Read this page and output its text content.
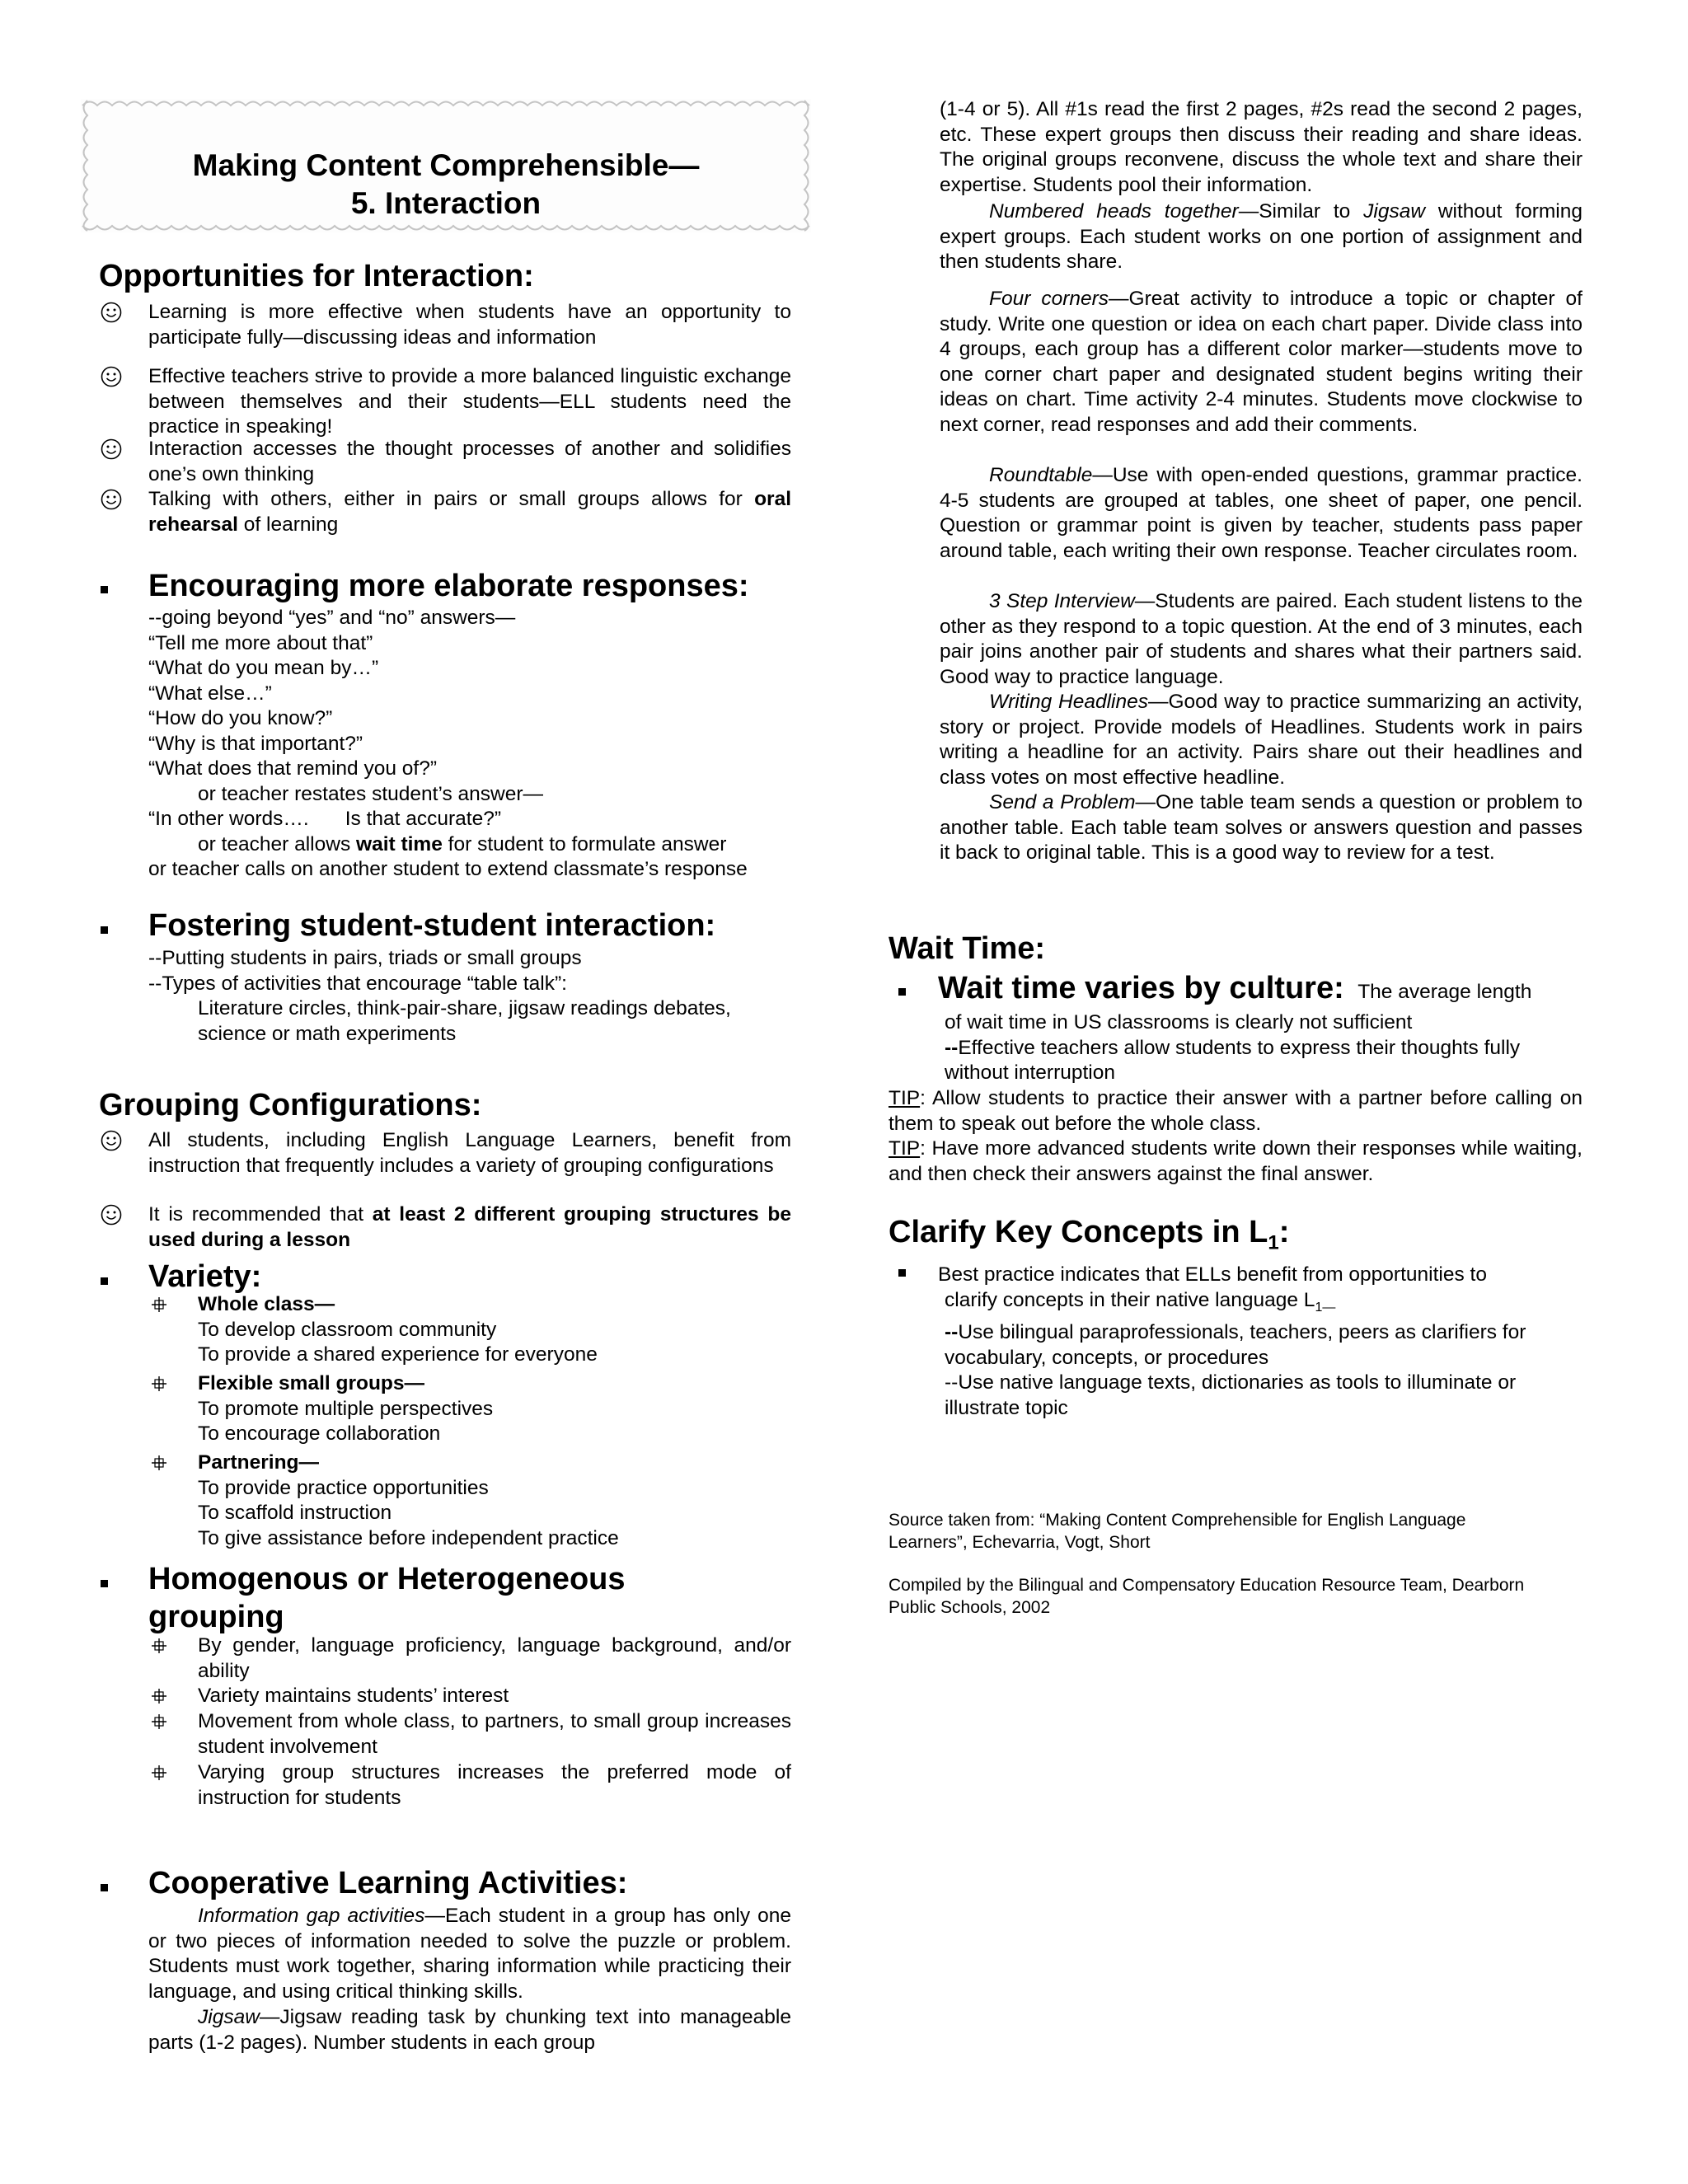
Making Content Comprehensible—
5. Interaction
Opportunities for Interaction:
Encouraging more elaborate responses:
--going beyond “yes” and “no” answers—
“Tell me more about that”
“What do you mean by…”
“What else…”
“How do you know?”
“Why is that important?”
“What does that remind you of?”
or teacher restates student’s answer—
“In other words…. Is that accurate?”
or teacher allows wait time for student to formulate answer
or teacher calls on another student to extend classmate’s response
Fostering student-student interaction:
--Putting students in pairs, triads or small groups
--Types of activities that encourage “table talk”:
Literature circles, think-pair-share, jigsaw readings debates,
science or math experiments
Grouping Configurations:
Variety:
Homogenous or Heterogeneous
grouping
Cooperative Learning Activities:
Information gap activities—Each student in a group has only one or two pieces of information needed to solve the puzzle or problem. Students must work together, sharing information while practicing their language, and using critical thinking skills.
Jigsaw—Jigsaw reading task by chunking text into manageable parts (1-2 pages). Number students in each group
(1-4 or 5). All #1s read the first 2 pages, #2s read the second 2 pages, etc. These expert groups then discuss their reading and share ideas. The original groups reconvene, discuss the whole text and share their expertise. Students pool their information.
Wait Time:
Wait time varies by culture: The average length
of wait time in US classrooms is clearly not sufficient
--Effective teachers allow students to express their thoughts fully without interruption
TIP: Allow students to practice their answer with a partner before calling on them to speak out before the whole class.
TIP: Have more advanced students write down their responses while waiting, and then check their answers against the final answer.
Clarify Key Concepts in $L_1$:
Best practice indicates that ELLs benefit from opportunities to
clarify concepts in their native language $L_{1—}$
--Use bilingual paraprofessionals, teachers, peers as clarifiers for vocabulary, concepts, or procedures
--Use native language texts, dictionaries as tools to illuminate or illustrate topic
Source taken from: “Making Content Comprehensible for English Language Learners”, Echevarria, Vogt, Short
Compiled by the Bilingual and Compensatory Education Resource Team, Dearborn Public Schools, 2002
Learning is more effective when students have an opportunity to participate fully—discussing ideas and information
Effective teachers strive to provide a more balanced linguistic exchange between themselves and their students—ELL students need the practice in speaking!
Interaction accesses the thought processes of another and solidifies one’s own thinking
Talking with others, either in pairs or small groups allows for oral rehearsal of learning
All students, including English Language Learners, benefit from instruction that frequently includes a variety of grouping configurations
It is recommended that at least 2 different grouping structures be used during a lesson
Whole class—
To develop classroom community
To provide a shared experience for everyone
Flexible small groups—
To promote multiple perspectives
To encourage collaboration
Partnering—
To provide practice opportunities
To scaffold instruction
To give assistance before independent practice
By gender, language proficiency, language background, and/or ability
Variety maintains students’ interest
Movement from whole class, to partners, to small group increases student involvement
Varying group structures increases the preferred mode of instruction for students
Numbered heads together—Similar to Jigsaw without forming expert groups. Each student works on one portion of assignment and then students share.
Four corners—Great activity to introduce a topic or chapter of study. Write one question or idea on each chart paper. Divide class into 4 groups, each group has a different color marker—students move to one corner chart paper and designated student begins writing their ideas on chart. Time activity 2-4 minutes. Students move clockwise to next corner, read responses and add their comments.
Roundtable—Use with open-ended questions, grammar practice. 4-5 students are grouped at tables, one sheet of paper, one pencil. Question or grammar point is given by teacher, students pass paper around table, each writing their own response. Teacher circulates room.
3 Step Interview—Students are paired. Each student listens to the other as they respond to a topic question. At the end of 3 minutes, each pair joins another pair of students and shares what their partners said. Good way to practice language.
Writing Headlines—Good way to practice summarizing an activity, story or project. Provide models of Headlines. Students work in pairs writing a headline for an activity. Pairs share out their headlines and class votes on most effective headline.
Send a Problem—One table team sends a question or problem to another table. Each table team solves or answers question and passes it back to original table. This is a good way to review for a test.
